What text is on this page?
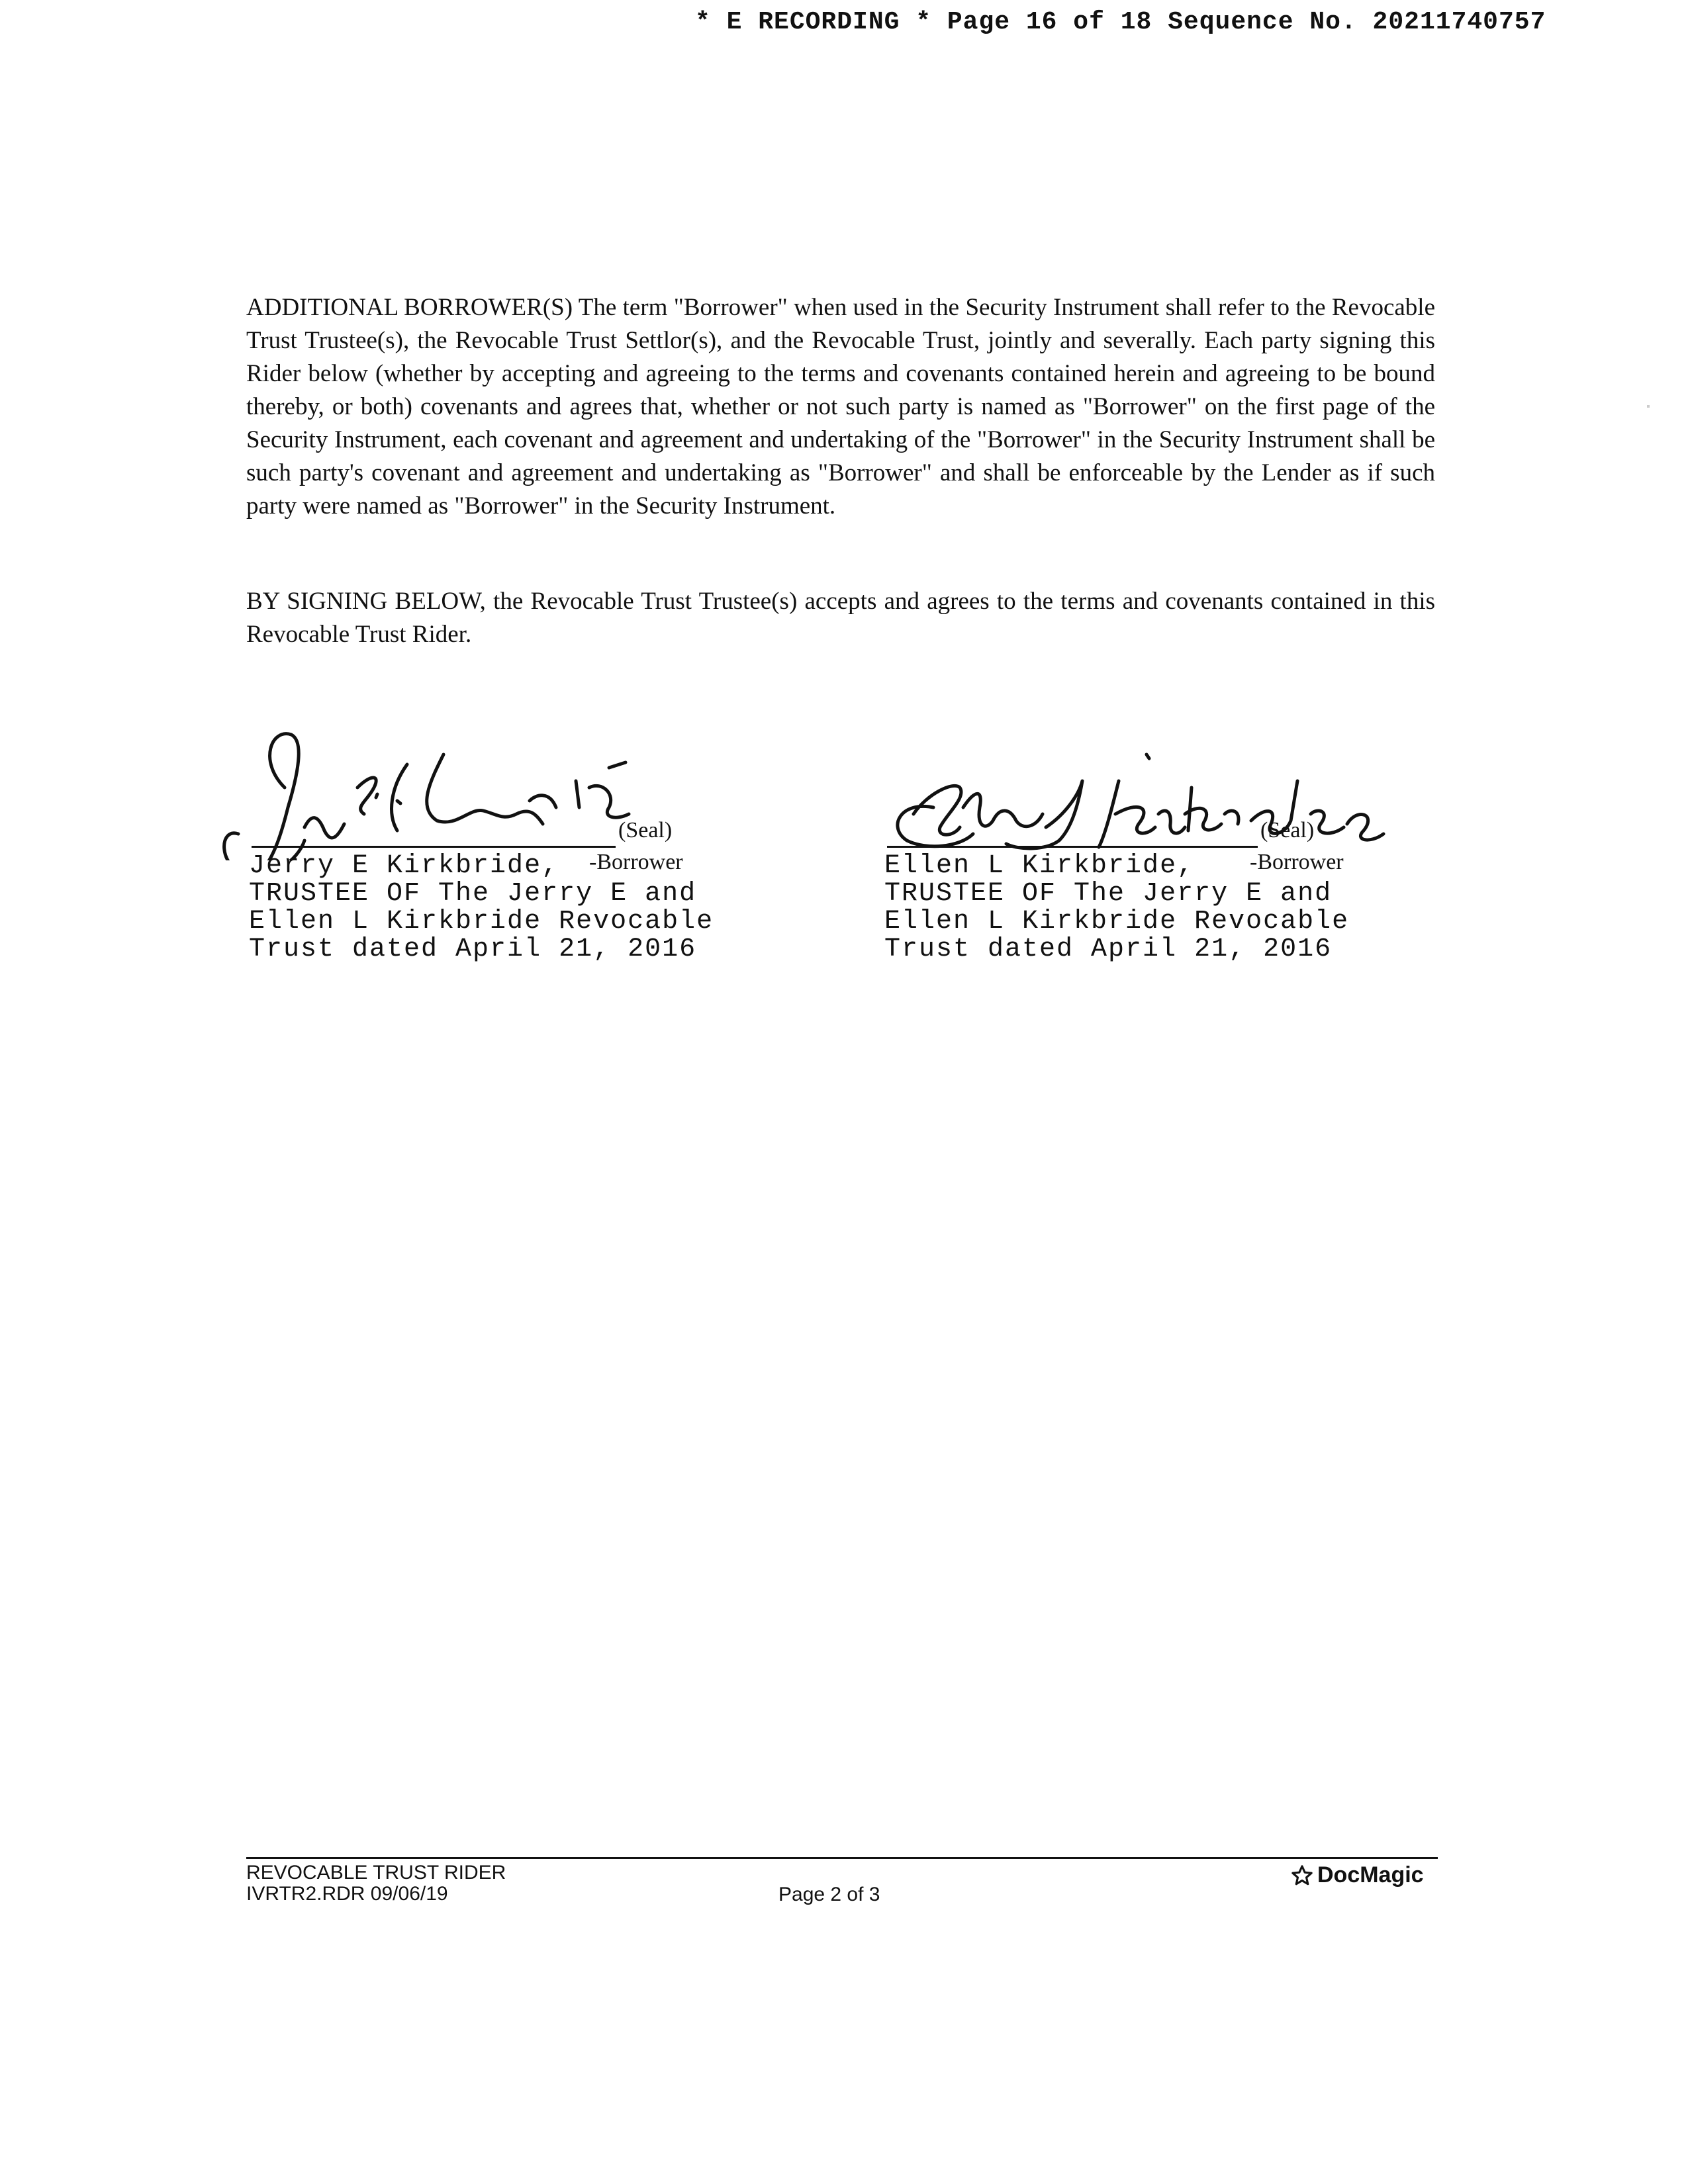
* E RECORDING * Page 16 of 18 Sequence No. 20211740757

ADDITIONAL BORROWER(S) The term "Borrower" when used in the Security Instrument shall refer to the Revocable Trust Trustee(s), the Revocable Trust Settlor(s), and the Revocable Trust, jointly and severally. Each party signing this Rider below (whether by accepting and agreeing to the terms and covenants contained herein and agreeing to be bound thereby, or both) covenants and agrees that, whether or not such party is named as "Borrower" on the first page of the Security Instrument, each covenant and agreement and undertaking of the "Borrower" in the Security Instrument shall be such party's covenant and agreement and undertaking as "Borrower" and shall be enforceable by the Lender as if such party were named as "Borrower" in the Security Instrument.

BY SIGNING BELOW, the Revocable Trust Trustee(s) accepts and agrees to the terms and covenants contained in this Revocable Trust Rider.

(Seal)
-Borrower
Jerry E Kirkbride,
TRUSTEE OF The Jerry E and
Ellen L Kirkbride Revocable
Trust dated April 21, 2016
(Seal)
-Borrower
Ellen L Kirkbride,
TRUSTEE OF The Jerry E and
Ellen L Kirkbride Revocable
Trust dated April 21, 2016
REVOCABLE TRUST RIDER
IVRTR2.RDR 09/06/19	Page 2 of 3
DocMagic
